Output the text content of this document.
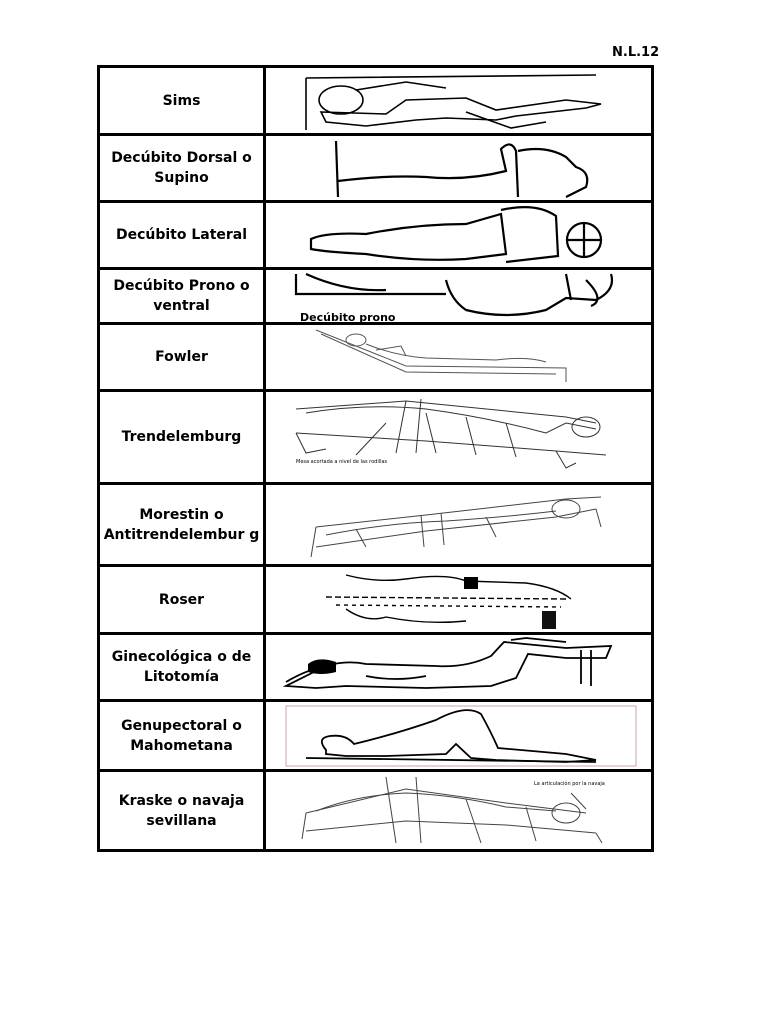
N.L.12
Sims	

Decúbito Dorsal o Supino	

Decúbito Lateral	

Decúbito Prono o ventral	Decúbito prono

Fowler	

Trendelemburg	Mesa acortada a nivel de las rodillas

Morestin o Antitrendelembur g	

Roser	

Ginecológica o de Litotomía	

Genupectoral o Mahometana	

Kraske o navaja sevillana	La articulación por la navaja
